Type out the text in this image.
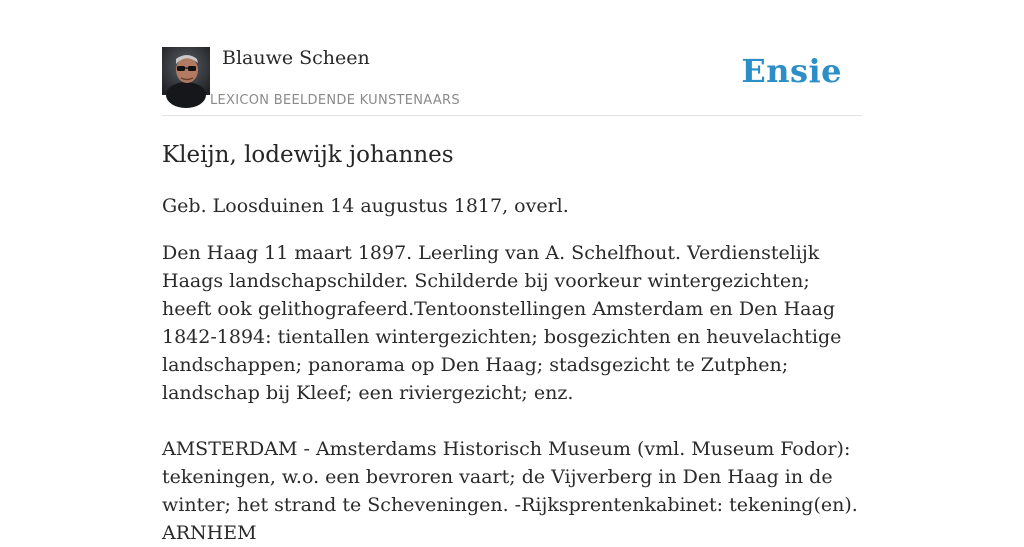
Blauwe Scheen
LEXICON BEELDENDE KUNSTENAARS
Ensie
Kleijn, lodewijk johannes

Geb. Loosduinen 14 augustus 1817, overl.

Den Haag 11 maart 1897. Leerling van A. Schelfhout. Verdienstelijk Haags landschapschilder. Schilderde bij voorkeur wintergezichten; heeft ook gelithografeerd.Tentoonstellingen Amsterdam en Den Haag 1842-1894: tientallen wintergezichten; bosgezichten en heuvelachtige landschappen; panorama op Den Haag; stadsgezicht te Zutphen; landschap bij Kleef; een riviergezicht; enz.

AMSTERDAM - Amsterdams Historisch Museum (vml. Museum Fodor): tekeningen, w.o. een bevroren vaart; de Vijverberg in Den Haag in de winter; het strand te Scheveningen. -Rijksprentenkabinet: tekening(en). ARNHEM
